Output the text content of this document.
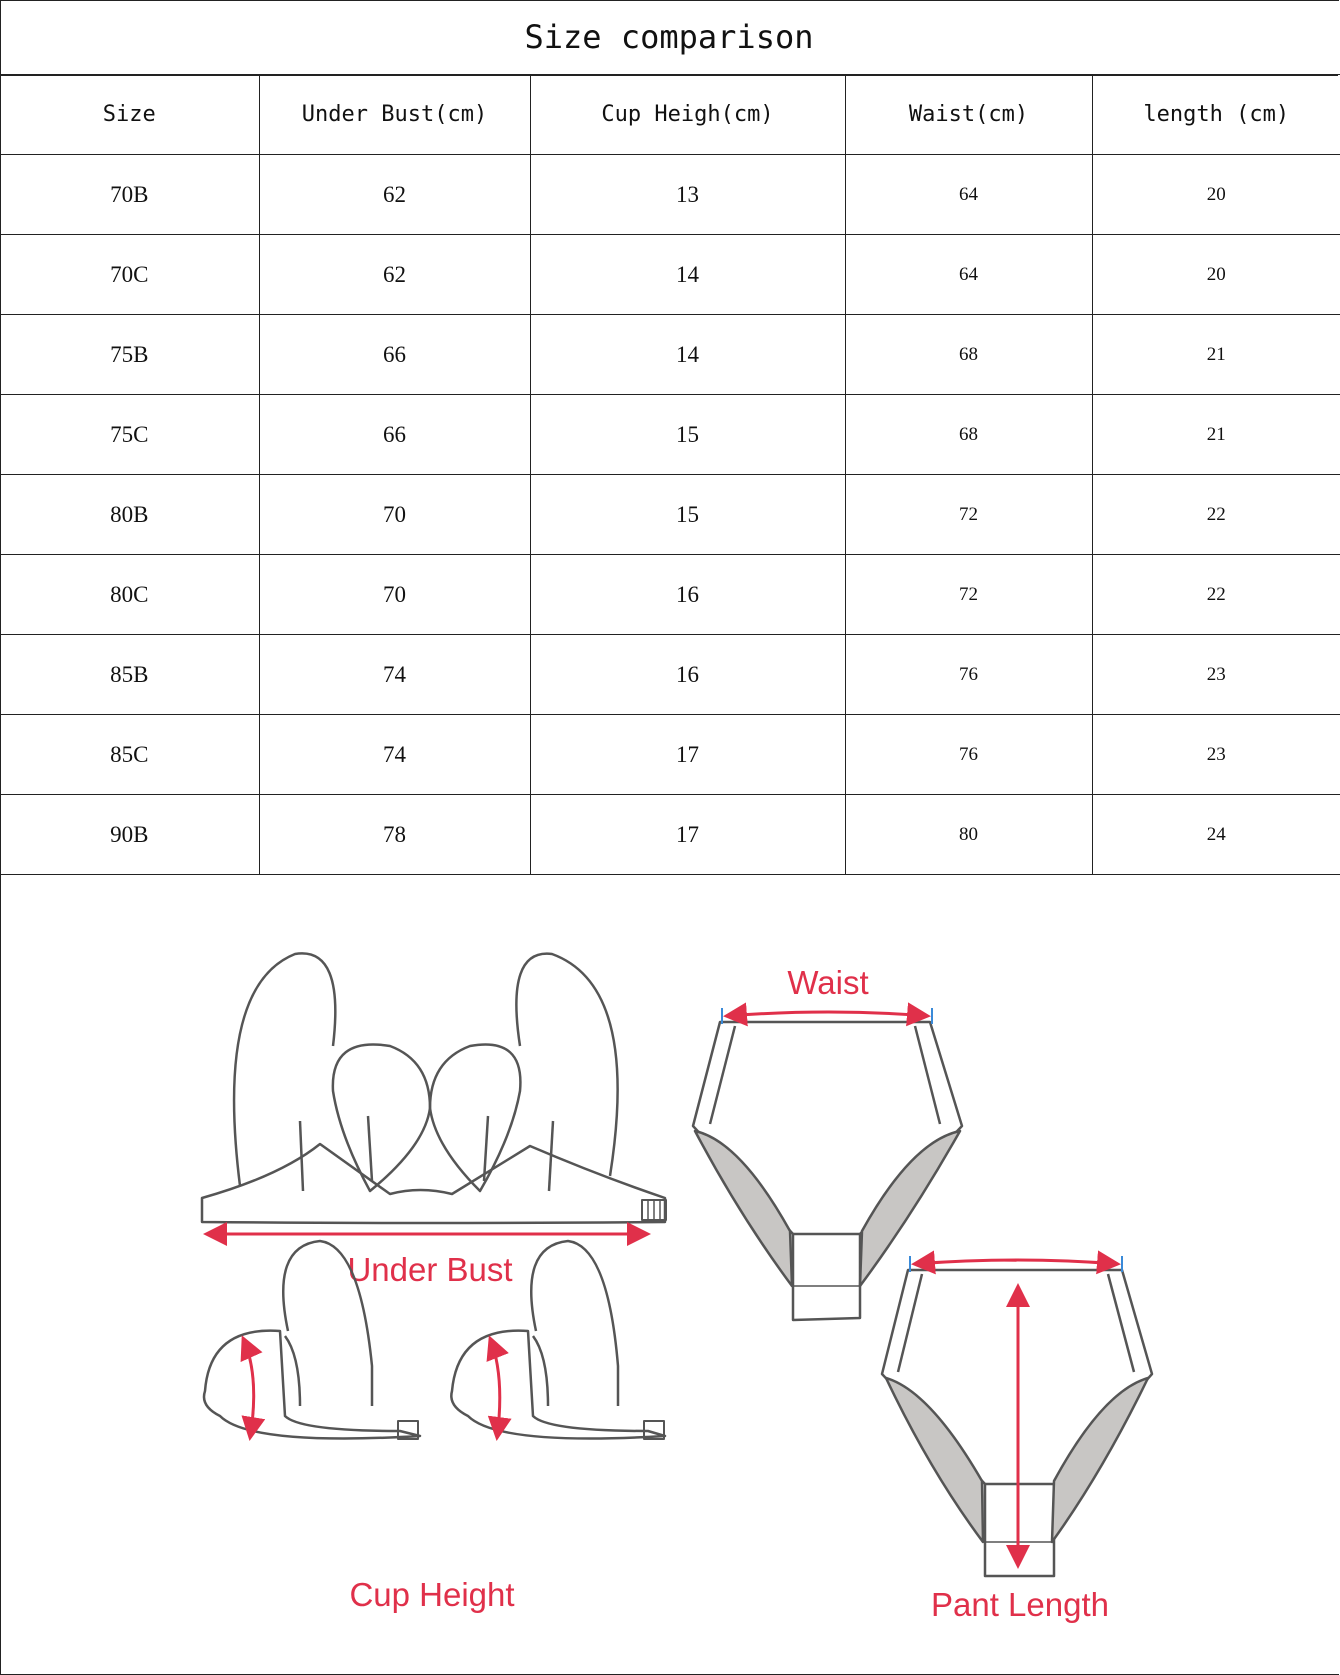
Size comparison
Size	Under Bust(cm)	Cup Heigh(cm)	Waist(cm)	length (cm)
70B	62	13	64	20
70C	62	14	64	20
75B	66	14	68	21
75C	66	15	68	21
80B	70	15	72	22
80C	70	16	72	22
85B	74	16	76	23
85C	74	17	76	23
90B	78	17	80	24
Under Bust
Cup Height
Waist
Pant Length
